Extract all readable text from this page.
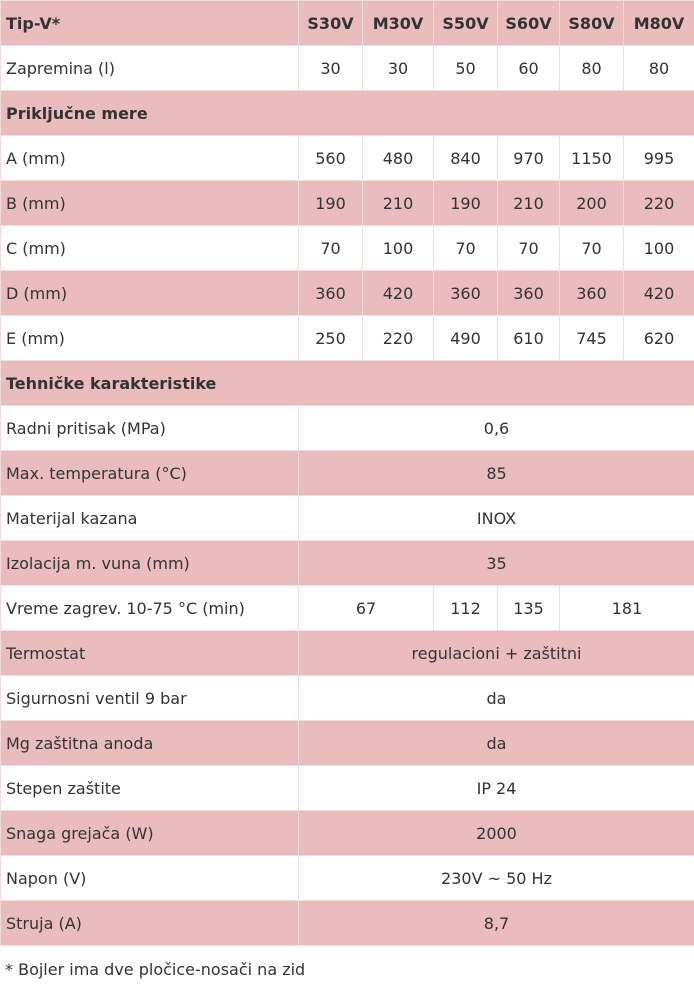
Tip-V*	S30V	M30V	S50V	S60V	S80V	M80V
Zapremina (l)	30	30	50	60	80	80
Priključne mere						
A (mm)	560	480	840	970	1150	995
B (mm)	190	210	190	210	200	220
C (mm)	70	100	70	70	70	100
D (mm)	360	420	360	360	360	420
E (mm)	250	220	490	610	745	620
Tehničke karakteristike						
Radni pritisak (MPa)	0,6					
Max. temperatura (°C)	85					
Materijal kazana	INOX					
Izolacija m. vuna (mm)	35					
Vreme zagrev. 10-75 °C (min)	67		112	135	181	
Termostat	regulacioni + zaštitni					
Sigurnosni ventil 9 bar	da					
Mg zaštitna anoda	da					
Stepen zaštite	IP 24					
Snaga grejača (W)	2000					
Napon (V)	230V ~ 50 Hz					
Struja (A)	8,7					
* Bojler ima dve pločice-nosači na zid
